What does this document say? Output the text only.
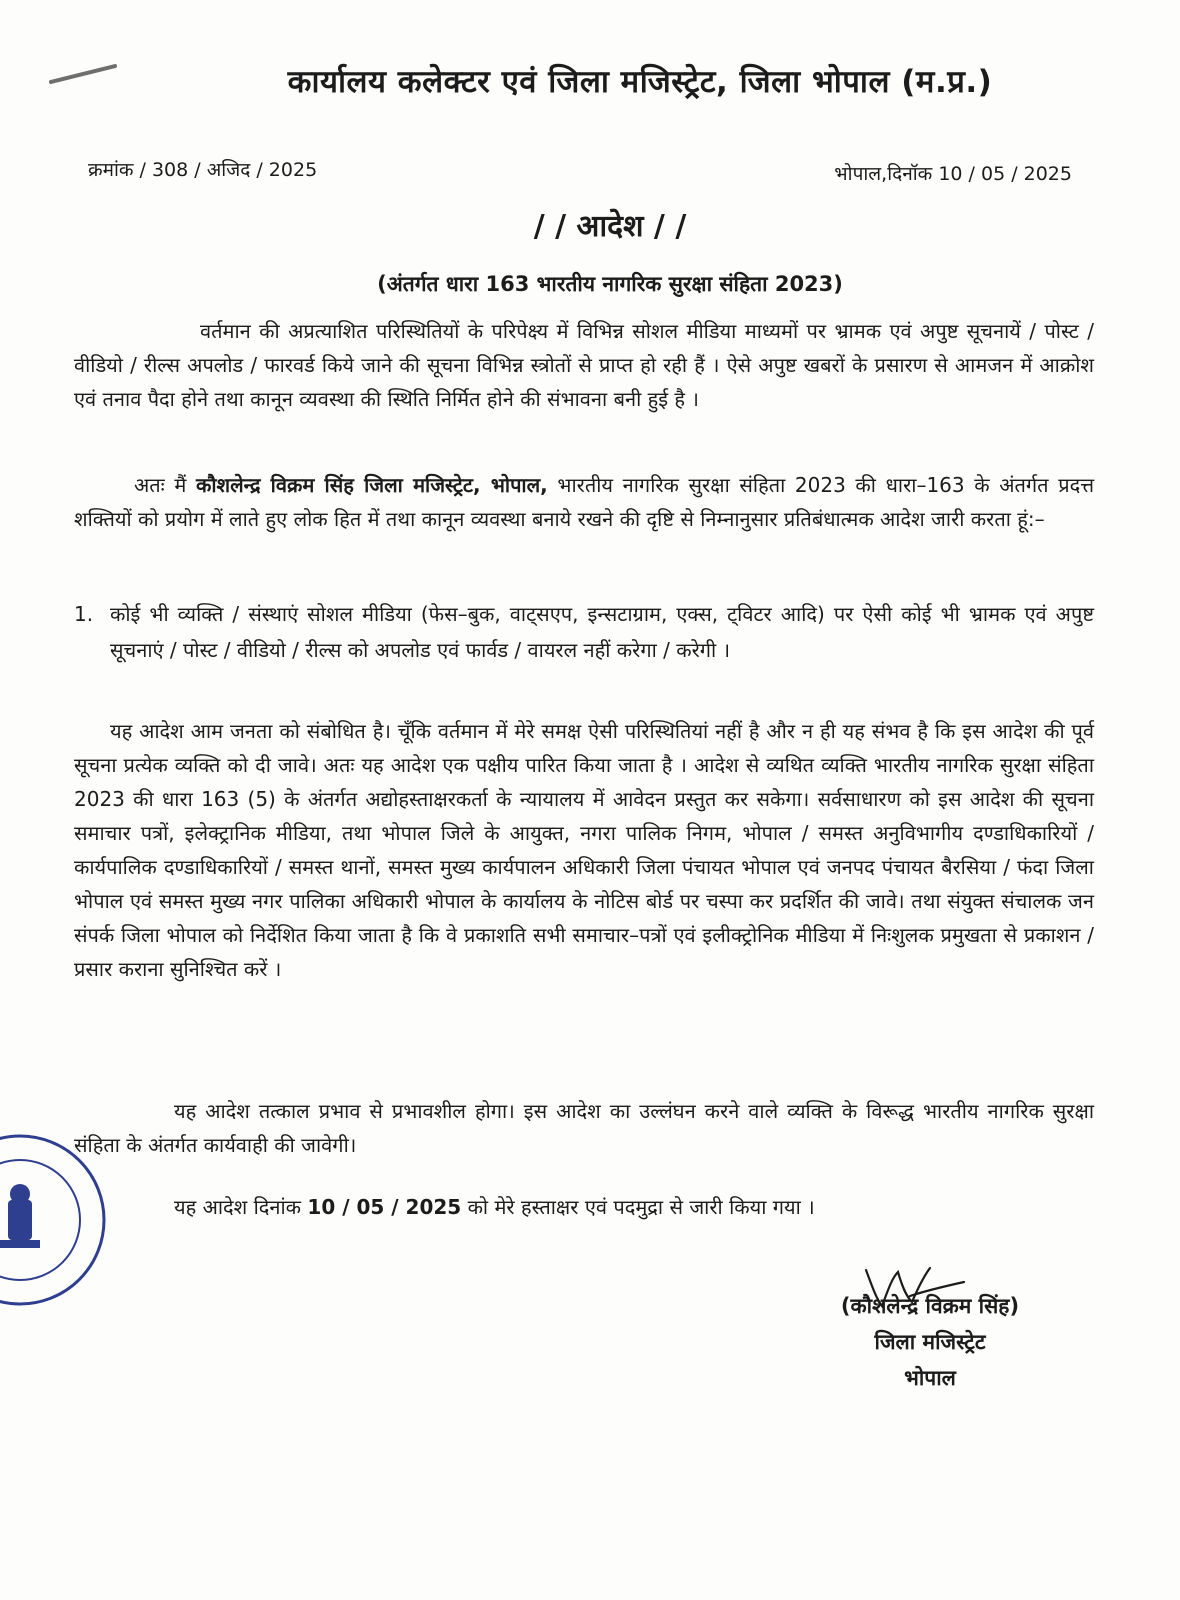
कार्यालय कलेक्टर एवं जिला मजिस्ट्रेट, जिला भोपाल (म.प्र.)
क्रमांक / 308 / अजिद / 2025	भोपाल,दिनॉक 10 / 05 / 2025
/ / आदेश / /
(अंतर्गत धारा 163 भारतीय नागरिक सुरक्षा संहिता 2023)
वर्तमान की अप्रत्याशित परिस्थितियों के परिपेक्ष्य में विभिन्न सोशल मीडिया माध्यमों पर भ्रामक एवं अपुष्ट सूचनायें / पोस्ट / वीडियो / रील्स अपलोड / फारवर्ड किये जाने की सूचना विभिन्न स्त्रोतों से प्राप्त हो रही हैं । ऐसे अपुष्ट खबरों के प्रसारण से आमजन में आक्रोश एवं तनाव पैदा होने तथा कानून व्यवस्था की स्थिति निर्मित होने की संभावना बनी हुई है ।
अतः मैं कौशलेन्द्र विक्रम सिंह जिला मजिस्ट्रेट, भोपाल, भारतीय नागरिक सुरक्षा संहिता 2023 की धारा–163 के अंतर्गत प्रदत्त शक्तियों को प्रयोग में लाते हुए लोक हित में तथा कानून व्यवस्था बनाये रखने की दृष्टि से निम्नानुसार प्रतिबंधात्मक आदेश जारी करता हूं:–
1. कोई भी व्यक्ति / संस्थाएं सोशल मीडिया (फेस–बुक, वाट्सएप, इन्सटाग्राम, एक्स, ट्विटर आदि) पर ऐसी कोई भी भ्रामक एवं अपुष्ट सूचनाएं / पोस्ट / वीडियो / रील्स को अपलोड एवं फार्वड / वायरल नहीं करेगा / करेगी ।
यह आदेश आम जनता को संबोधित है। चूँकि वर्तमान में मेरे समक्ष ऐसी परिस्थितियां नहीं है और न ही यह संभव है कि इस आदेश की पूर्व सूचना प्रत्येक व्यक्ति को दी जावे। अतः यह आदेश एक पक्षीय पारित किया जाता है । आदेश से व्यथित व्यक्ति भारतीय नागरिक सुरक्षा संहिता 2023 की धारा 163 (5) के अंतर्गत अद्योहस्ताक्षरकर्ता के न्यायालय में आवेदन प्रस्तुत कर सकेगा। सर्वसाधारण को इस आदेश की सूचना समाचार पत्रों, इलेक्ट्रानिक मीडिया, तथा भोपाल जिले के आयुक्त, नगरा पालिक निगम, भोपाल / समस्त अनुविभागीय दण्डाधिकारियों / कार्यपालिक दण्डाधिकारियों / समस्त थानों, समस्त मुख्य कार्यपालन अधिकारी जिला पंचायत भोपाल एवं जनपद पंचायत बैरसिया / फंदा जिला भोपाल एवं समस्त मुख्य नगर पालिका अधिकारी भोपाल के कार्यालय के नोटिस बोर्ड पर चस्पा कर प्रदर्शित की जावे। तथा संयुक्त संचालक जन संपर्क जिला भोपाल को निर्देशित किया जाता है कि वे प्रकाशति सभी समाचार–पत्रों एवं इलीक्ट्रोनिक मीडिया में निःशुलक प्रमुखता से प्रकाशन / प्रसार कराना सुनिश्चित करें ।
यह आदेश तत्काल प्रभाव से प्रभावशील होगा। इस आदेश का उल्लंघन करने वाले व्यक्ति के विरूद्ध भारतीय नागरिक सुरक्षा संहिता के अंतर्गत कार्यवाही की जावेगी।
यह आदेश दिनांक 10 / 05 / 2025 को मेरे हस्ताक्षर एवं पदमुद्रा से जारी किया गया ।
(कौशलेन्द्र विक्रम सिंह)
जिला मजिस्ट्रेट
भोपाल
